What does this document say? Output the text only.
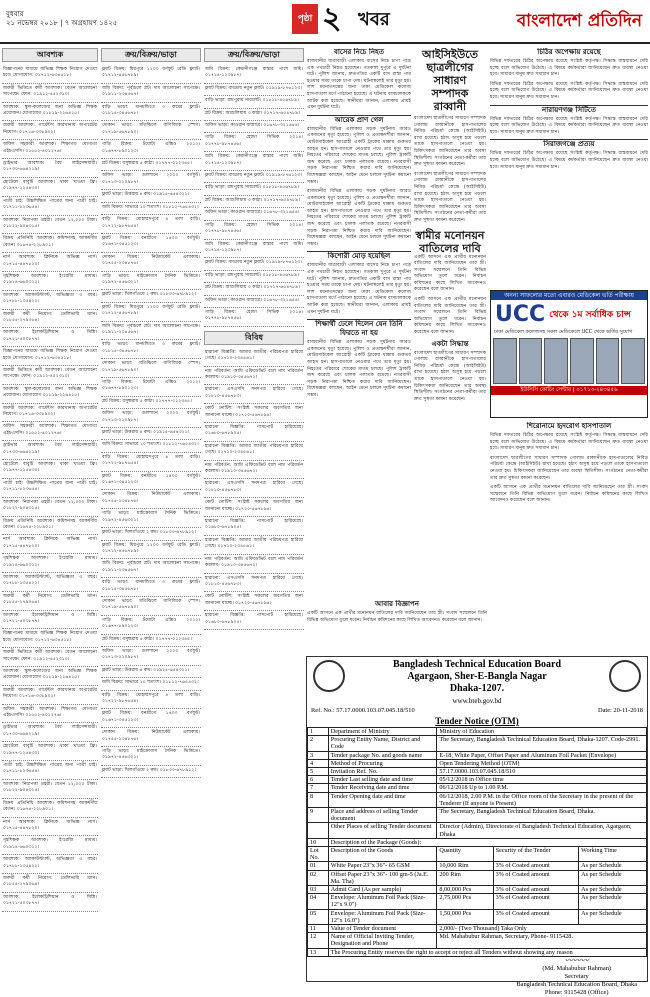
বুধবার
২১ নভেম্বর ২০১৮ | ৭ অগ্রহায়ণ ১৪২৫	পৃষ্ঠা ২ খবর	বাংলাদেশ প্রতিদিন
আবশ্যক
বিজ্ঞাপনের মাধ্যমে অভিজ্ঞ শিক্ষক নিয়োগ দেওয়া হবে। যোগাযোগ: ০১৭১২-৬৩৪৫১৮।
জরুরী ভিত্তিতে কর্মী আবশ্যক। বেতন আলোচনা সাপেক্ষে। ফোন: ০১৯১২-৪৫২৩১০।
আবশ্যক: স্কুল-কলেজের জন্য অভিজ্ঞ শিক্ষক প্রয়োজন। যোগাযোগ ০১৮১৯-২২৬৪১৫।
জরুরী আবশ্যক: গার্মেন্টস কারখানায় অপারেটর নিয়োগ। ০১৭১৬-৩৩৮৯০২।
অফিস সহকারী আবশ্যক। শিক্ষাগত যোগ্যতা এইচএসসি। ০১৫৫২-৪০১২৭৬।
ড্রাইভার আবশ্যক। বৈধ লাইসেন্সধারী। ০১৭৩০-৬৬৪২১৯।
হোটেলে বাবুর্চি আবশ্যক। থাকা খাওয়া ফ্রি। ০১৯৭৭-১২৫৪৩০।
পাত্রী চাই: উচ্চশিক্ষিত পাত্রের জন্য পাত্রী চাই। ০১৭১১-৮২৩৬৫৪।
আবশ্যক: নিরাপত্তা প্রহরী। বেতন ১২,০০০ টাকা। ০১৮২২-৯০৪৩১৫।
বিক্রয় প্রতিনিধি আবশ্যক। কমিশনসহ আকর্ষণীয় বেতন। ০১৬৭৪-২২৮৯০১।
নার্স আবশ্যক: ক্লিনিকে অভিজ্ঞ নার্স। ০১৭১৫-৪৪৭৮২০।
গৃহশিক্ষক আবশ্যক। ইংরেজি মাধ্যম। ০১৯১৪-৬৬০৩১২।
আবশ্যক: অ্যাকাউন্ট্যান্ট, অভিজ্ঞতা ৩ বছর। ০১৭৮৮-১৩৫৪২২।
জরুরী কর্মী নিয়োগ: ডেলিভারি ম্যান। ০১৮৫৫-২৭৯০৬৪।
আবশ্যক: ইলেকট্রিশিয়ান ও মিস্ত্রি। ০১৭২১-৫০৩৮৭৭।
বিজ্ঞাপনের মাধ্যমে অভিজ্ঞ শিক্ষক নিয়োগ দেওয়া হবে। যোগাযোগ: ০১৭১২-৬৩৪৫১৮।
জরুরী ভিত্তিতে কর্মী আবশ্যক। বেতন আলোচনা সাপেক্ষে। ফোন: ০১৯১২-৪৫২৩১০।
আবশ্যক: স্কুল-কলেজের জন্য অভিজ্ঞ শিক্ষক প্রয়োজন। যোগাযোগ ০১৮১৯-২২৬৪১৫।
জরুরী আবশ্যক: গার্মেন্টস কারখানায় অপারেটর নিয়োগ। ০১৭১৬-৩৩৮৯০২।
অফিস সহকারী আবশ্যক। শিক্ষাগত যোগ্যতা এইচএসসি। ০১৫৫২-৪০১২৭৬।
ড্রাইভার আবশ্যক। বৈধ লাইসেন্সধারী। ০১৭৩০-৬৬৪২১৯।
হোটেলে বাবুর্চি আবশ্যক। থাকা খাওয়া ফ্রি। ০১৯৭৭-১২৫৪৩০।
পাত্রী চাই: উচ্চশিক্ষিত পাত্রের জন্য পাত্রী চাই। ০১৭১১-৮২৩৬৫৪।
আবশ্যক: নিরাপত্তা প্রহরী। বেতন ১২,০০০ টাকা। ০১৮২২-৯০৪৩১৫।
বিক্রয় প্রতিনিধি আবশ্যক। কমিশনসহ আকর্ষণীয় বেতন। ০১৬৭৪-২২৮৯০১।
নার্স আবশ্যক: ক্লিনিকে অভিজ্ঞ নার্স। ০১৭১৫-৪৪৭৮২০।
গৃহশিক্ষক আবশ্যক। ইংরেজি মাধ্যম। ০১৯১৪-৬৬০৩১২।
আবশ্যক: অ্যাকাউন্ট্যান্ট, অভিজ্ঞতা ৩ বছর। ০১৭৮৮-১৩৫৪২২।
জরুরী কর্মী নিয়োগ: ডেলিভারি ম্যান। ০১৮৫৫-২৭৯০৬৪।
আবশ্যক: ইলেকট্রিশিয়ান ও মিস্ত্রি। ০১৭২১-৫০৩৮৭৭।
বিজ্ঞাপনের মাধ্যমে অভিজ্ঞ শিক্ষক নিয়োগ দেওয়া হবে। যোগাযোগ: ০১৭১২-৬৩৪৫১৮।
জরুরী ভিত্তিতে কর্মী আবশ্যক। বেতন আলোচনা সাপেক্ষে। ফোন: ০১৯১২-৪৫২৩১০।
আবশ্যক: স্কুল-কলেজের জন্য অভিজ্ঞ শিক্ষক প্রয়োজন। যোগাযোগ ০১৮১৯-২২৬৪১৫।
জরুরী আবশ্যক: গার্মেন্টস কারখানায় অপারেটর নিয়োগ। ০১৭১৬-৩৩৮৯০২।
অফিস সহকারী আবশ্যক। শিক্ষাগত যোগ্যতা এইচএসসি। ০১৫৫২-৪০১২৭৬।
ড্রাইভার আবশ্যক। বৈধ লাইসেন্সধারী। ০১৭৩০-৬৬৪২১৯।
হোটেলে বাবুর্চি আবশ্যক। থাকা খাওয়া ফ্রি। ০১৯৭৭-১২৫৪৩০।
পাত্রী চাই: উচ্চশিক্ষিত পাত্রের জন্য পাত্রী চাই। ০১৭১১-৮২৩৬৫৪।
আবশ্যক: নিরাপত্তা প্রহরী। বেতন ১২,০০০ টাকা। ০১৮২২-৯০৪৩১৫।
বিক্রয় প্রতিনিধি আবশ্যক। কমিশনসহ আকর্ষণীয় বেতন। ০১৬৭৪-২২৮৯০১।
নার্স আবশ্যক: ক্লিনিকে অভিজ্ঞ নার্স। ০১৭১৫-৪৪৭৮২০।
গৃহশিক্ষক আবশ্যক। ইংরেজি মাধ্যম। ০১৯১৪-৬৬০৩১২।
আবশ্যক: অ্যাকাউন্ট্যান্ট, অভিজ্ঞতা ৩ বছর। ০১৭৮৮-১৩৫৪২২।
জরুরী কর্মী নিয়োগ: ডেলিভারি ম্যান। ০১৮৫৫-২৭৯০৬৪।
আবশ্যক: ইলেকট্রিশিয়ান ও মিস্ত্রি। ০১৭২১-৫০৩৮৭৭।
ক্রয়/বিক্রয়/ভাড়া
ফ্ল্যাট বিক্রয়: মিরপুরে ১২০০ বর্গফুট রেডি ফ্ল্যাট। ০১৭১২-৪৫৬৭৮৯।
জমি বিক্রয়: পূর্বাচলে প্লট। দাম আলোচনা সাপেক্ষে। ০১৯১১-২৩৪৫৬৭।
বাড়ি ভাড়া: ধানমন্ডিতে ৩ রুমের ফ্ল্যাট। ০১৮১৫-৩৪৫৬৭৮।
দোকান ভাড়া: মতিঝিলে বাণিজ্যিক স্পেস। ০১৭১৯-৫৬৭৮৯০।
গাড়ি বিক্রয়: টয়োটা এক্সিও ২০১২। ০১৬৭৭-৮৯০১২৩।
প্লট বিক্রয়: বসুন্ধরায় ৫ কাঠা। ০১৭৭৭-০১২৩৪৫।
অফিস ভাড়া: গুলশানে ২০০০ বর্গফুট। ০১৭১৩-২১০৯৮৭।
ফ্ল্যাট ভাড়া: উত্তরায় ৪ রুম। ০১৯১৫-৬৫৪৩২১।
জমি বিক্রয়: সাভারে ১০ শতাংশ। ০১৮১২-৭৬৫৪৩২।
বাড়ি বিক্রয়: মোহাম্মদপুরে ৪ তলা বাড়ি। ০১৭২২-৯৮৭৬৫৪।
ফ্ল্যাট বিক্রয়: বনশ্রীতে ১৪০০ বর্গফুট। ০১৬৭১-৩৪৫১২৩।
দোকান বিক্রয়: নিউমার্কেট এলাকায়। ০১৭৫৫-২৩৪৮৭৬।
গাড়ি ভাড়া: মাইক্রোবাস দৈনিক ভিত্তিতে। ০১৯৭২-৪৫৬৩২১।
ফ্ল্যাট ভাড়া: খিলগাঁওয়ে ২ রুম। ০১৮৩৩-৬৭৮৯১২।
ফ্ল্যাট বিক্রয়: মিরপুরে ১২০০ বর্গফুট রেডি ফ্ল্যাট। ০১৭১২-৪৫৬৭৮৯।
জমি বিক্রয়: পূর্বাচলে প্লট। দাম আলোচনা সাপেক্ষে। ০১৯১১-২৩৪৫৬৭।
বাড়ি ভাড়া: ধানমন্ডিতে ৩ রুমের ফ্ল্যাট। ০১৮১৫-৩৪৫৬৭৮।
দোকান ভাড়া: মতিঝিলে বাণিজ্যিক স্পেস। ০১৭১৯-৫৬৭৮৯০।
গাড়ি বিক্রয়: টয়োটা এক্সিও ২০১২। ০১৬৭৭-৮৯০১২৩।
প্লট বিক্রয়: বসুন্ধরায় ৫ কাঠা। ০১৭৭৭-০১২৩৪৫।
অফিস ভাড়া: গুলশানে ২০০০ বর্গফুট। ০১৭১৩-২১০৯৮৭।
ফ্ল্যাট ভাড়া: উত্তরায় ৪ রুম। ০১৯১৫-৬৫৪৩২১।
জমি বিক্রয়: সাভারে ১০ শতাংশ। ০১৮১২-৭৬৫৪৩২।
বাড়ি বিক্রয়: মোহাম্মদপুরে ৪ তলা বাড়ি। ০১৭২২-৯৮৭৬৫৪।
ফ্ল্যাট বিক্রয়: বনশ্রীতে ১৪০০ বর্গফুট। ০১৬৭১-৩৪৫১২৩।
দোকান বিক্রয়: নিউমার্কেট এলাকায়। ০১৭৫৫-২৩৪৮৭৬।
গাড়ি ভাড়া: মাইক্রোবাস দৈনিক ভিত্তিতে। ০১৯৭২-৪৫৬৩২১।
ফ্ল্যাট ভাড়া: খিলগাঁওয়ে ২ রুম। ০১৮৩৩-৬৭৮৯১২।
ফ্ল্যাট বিক্রয়: মিরপুরে ১২০০ বর্গফুট রেডি ফ্ল্যাট। ০১৭১২-৪৫৬৭৮৯।
জমি বিক্রয়: পূর্বাচলে প্লট। দাম আলোচনা সাপেক্ষে। ০১৯১১-২৩৪৫৬৭।
বাড়ি ভাড়া: ধানমন্ডিতে ৩ রুমের ফ্ল্যাট। ০১৮১৫-৩৪৫৬৭৮।
দোকান ভাড়া: মতিঝিলে বাণিজ্যিক স্পেস। ০১৭১৯-৫৬৭৮৯০।
গাড়ি বিক্রয়: টয়োটা এক্সিও ২০১২। ০১৬৭৭-৮৯০১২৩।
প্লট বিক্রয়: বসুন্ধরায় ৫ কাঠা। ০১৭৭৭-০১২৩৪৫।
অফিস ভাড়া: গুলশানে ২০০০ বর্গফুট। ০১৭১৩-২১০৯৮৭।
ফ্ল্যাট ভাড়া: উত্তরায় ৪ রুম। ০১৯১৫-৬৫৪৩২১।
জমি বিক্রয়: সাভারে ১০ শতাংশ। ০১৮১২-৭৬৫৪৩২।
বাড়ি বিক্রয়: মোহাম্মদপুরে ৪ তলা বাড়ি। ০১৭২২-৯৮৭৬৫৪।
ফ্ল্যাট বিক্রয়: বনশ্রীতে ১৪০০ বর্গফুট। ০১৬৭১-৩৪৫১২৩।
দোকান বিক্রয়: নিউমার্কেট এলাকায়। ০১৭৫৫-২৩৪৮৭৬।
গাড়ি ভাড়া: মাইক্রোবাস দৈনিক ভিত্তিতে। ০১৯৭২-৪৫৬৩২১।
ফ্ল্যাট ভাড়া: খিলগাঁওয়ে ২ রুম। ০১৮৩৩-৬৭৮৯১২।
ক্রয়/বিক্রয়/ভাড়া
জমি বিক্রয়: কেরানীগঞ্জে রাস্তার পাশে জমি। ০১৭১৪-১২৩৯৮৭।
ফ্ল্যাট বিক্রয়: বাড্ডায় নতুন ফ্ল্যাট। ০১৯১৯-৮৭৬১২৩।
বাড়ি ভাড়া: রামপুরায় সাবলেট। ০১৮১৮-৪৫৬৭৮৯।
প্লট বিক্রয়: আশুলিয়ায় ৩ কাঠা। ০১৭১৭-৬৫৪৭৮৯।
অফিস ভাড়া: কাওরান বাজারে। ০১৬৭৮-৩২১৬৫৪।
গাড়ি বিক্রয়: হোন্ডা সিভিক ২০১৪। ০১৭৭৮-৯৮৭৪৫৬।
জমি বিক্রয়: কেরানীগঞ্জে রাস্তার পাশে জমি। ০১৭১৪-১২৩৯৮৭।
ফ্ল্যাট বিক্রয়: বাড্ডায় নতুন ফ্ল্যাট। ০১৯১৯-৮৭৬১২৩।
বাড়ি ভাড়া: রামপুরায় সাবলেট। ০১৮১৮-৪৫৬৭৮৯।
প্লট বিক্রয়: আশুলিয়ায় ৩ কাঠা। ০১৭১৭-৬৫৪৭৮৯।
অফিস ভাড়া: কাওরান বাজারে। ০১৬৭৮-৩২১৬৫৪।
গাড়ি বিক্রয়: হোন্ডা সিভিক ২০১৪। ০১৭৭৮-৯৮৭৪৫৬।
জমি বিক্রয়: কেরানীগঞ্জে রাস্তার পাশে জমি। ০১৭১৪-১২৩৯৮৭।
ফ্ল্যাট বিক্রয়: বাড্ডায় নতুন ফ্ল্যাট। ০১৯১৯-৮৭৬১২৩।
বাড়ি ভাড়া: রামপুরায় সাবলেট। ০১৮১৮-৪৫৬৭৮৯।
প্লট বিক্রয়: আশুলিয়ায় ৩ কাঠা। ০১৭১৭-৬৫৪৭৮৯।
অফিস ভাড়া: কাওরান বাজারে। ০১৬৭৮-৩২১৬৫৪।
গাড়ি বিক্রয়: হোন্ডা সিভিক ২০১৪। ০১৭৭৮-৯৮৭৪৫৬।
বিবিধ
হারানো বিজ্ঞপ্তি: আমার জাতীয় পরিচয়পত্র হারিয়ে গেছে। ০১৭১০-২৩৪৫৬১।
নাম পরিবর্তন: আমি এফিডেভিট বলে নাম পরিবর্তন করলাম। ০১৯১০-৩৪৫৬৭২।
হারানো: এসএসসি সনদপত্র হারিয়ে গেছে। ০১৮১০-৪৫৬৭৮৩।
কোর্ট নোটিশ: সংশ্লিষ্ট সকলের অবগতির জন্য জানানো যাচ্ছে। ০১৭২০-৫৬৭৮৯৪।
হারানো বিজ্ঞপ্তি: পাসপোর্ট হারিয়েছে। ০১৬৮০-৬৭৮৯০৫।
হারানো বিজ্ঞপ্তি: আমার জাতীয় পরিচয়পত্র হারিয়ে গেছে। ০১৭১০-২৩৪৫৬১।
নাম পরিবর্তন: আমি এফিডেভিট বলে নাম পরিবর্তন করলাম। ০১৯১০-৩৪৫৬৭২।
হারানো: এসএসসি সনদপত্র হারিয়ে গেছে। ০১৮১০-৪৫৬৭৮৩।
কোর্ট নোটিশ: সংশ্লিষ্ট সকলের অবগতির জন্য জানানো যাচ্ছে। ০১৭২০-৫৬৭৮৯৪।
হারানো বিজ্ঞপ্তি: পাসপোর্ট হারিয়েছে। ০১৬৮০-৬৭৮৯০৫।
হারানো বিজ্ঞপ্তি: আমার জাতীয় পরিচয়পত্র হারিয়ে গেছে। ০১৭১০-২৩৪৫৬১।
নাম পরিবর্তন: আমি এফিডেভিট বলে নাম পরিবর্তন করলাম। ০১৯১০-৩৪৫৬৭২।
হারানো: এসএসসি সনদপত্র হারিয়ে গেছে। ০১৮১০-৪৫৬৭৮৩।
কোর্ট নোটিশ: সংশ্লিষ্ট সকলের অবগতির জন্য জানানো যাচ্ছে। ০১৭২০-৫৬৭৮৯৪।
হারানো বিজ্ঞপ্তি: পাসপোর্ট হারিয়েছে। ০১৬৮০-৬৭৮৯০৫।
বাসের নিচে নিহত

রাজধানীর যাত্রাবাড়ী এলাকায় বাসের নিচে চাপা পড়ে এক পথচারী নিহত হয়েছেন। গতকাল দুপুরে এ দুর্ঘটনা ঘটে। পুলিশ জানায়, দ্রুতগতির একটি বাস রাস্তা পার হওয়ার সময় তাকে চাপা দেয়। ঘটনাস্থলেই তার মৃত্যু হয়। লাশ ময়নাতদন্তের জন্য ঢাকা মেডিকেল কলেজ হাসপাতাল মর্গে পাঠানো হয়েছে। এ ঘটনায় বাসচালককে আটক করা হয়েছে। স্থানীয়রা জানান, এলাকায় প্রায়ই এমন দুর্ঘটনা ঘটে।

আরেক প্রাণ গেল

রাজধানীর বিভিন্ন এলাকায় সড়ক দুর্ঘটনায় আরও একজনের মৃত্যু হয়েছে। পুলিশ ও প্রত্যক্ষদর্শীরা জানান, মোটরসাইকেল আরোহী একটি ট্রাকের ধাক্কায় গুরুতর আহত হন। হাসপাতালে নেওয়ার পথে তার মৃত্যু হয়। নিহতের পরিবারে শোকের মাতম চলছে। পুলিশ ট্রাকটি জব্দ করেছে এবং চালক পলাতক রয়েছে। নগরবাসী সড়ক নিরাপত্তা নিশ্চিত করার দাবি জানিয়েছেন। বিশেষজ্ঞরা বলছেন, আইন মেনে চললে দুর্ঘটনা কমানো সম্ভব।

রাজধানীর বিভিন্ন এলাকায় সড়ক দুর্ঘটনায় আরও একজনের মৃত্যু হয়েছে। পুলিশ ও প্রত্যক্ষদর্শীরা জানান, মোটরসাইকেল আরোহী একটি ট্রাকের ধাক্কায় গুরুতর আহত হন। হাসপাতালে নেওয়ার পথে তার মৃত্যু হয়। নিহতের পরিবারে শোকের মাতম চলছে। পুলিশ ট্রাকটি জব্দ করেছে এবং চালক পলাতক রয়েছে। নগরবাসী সড়ক নিরাপত্তা নিশ্চিত করার দাবি জানিয়েছেন। বিশেষজ্ঞরা বলছেন, আইন মেনে চললে দুর্ঘটনা কমানো সম্ভব।

কিশোরী মোড় হয়েছিল

রাজধানীর যাত্রাবাড়ী এলাকায় বাসের নিচে চাপা পড়ে এক পথচারী নিহত হয়েছেন। গতকাল দুপুরে এ দুর্ঘটনা ঘটে। পুলিশ জানায়, দ্রুতগতির একটি বাস রাস্তা পার হওয়ার সময় তাকে চাপা দেয়। ঘটনাস্থলেই তার মৃত্যু হয়। লাশ ময়নাতদন্তের জন্য ঢাকা মেডিকেল কলেজ হাসপাতাল মর্গে পাঠানো হয়েছে। এ ঘটনায় বাসচালককে আটক করা হয়েছে। স্থানীয়রা জানান, এলাকায় প্রায়ই এমন দুর্ঘটনা ঘটে।

শিক্ষার্থী ঢেলে দিলেন যেন তিনি ফিরতে না হয়

রাজধানীর বিভিন্ন এলাকায় সড়ক দুর্ঘটনায় আরও একজনের মৃত্যু হয়েছে। পুলিশ ও প্রত্যক্ষদর্শীরা জানান, মোটরসাইকেল আরোহী একটি ট্রাকের ধাক্কায় গুরুতর আহত হন। হাসপাতালে নেওয়ার পথে তার মৃত্যু হয়। নিহতের পরিবারে শোকের মাতম চলছে। পুলিশ ট্রাকটি জব্দ করেছে এবং চালক পলাতক রয়েছে। নগরবাসী সড়ক নিরাপত্তা নিশ্চিত করার দাবি জানিয়েছেন। বিশেষজ্ঞরা বলছেন, আইন মেনে চললে দুর্ঘটনা কমানো সম্ভব।

আইসিইউতে ছাত্রলীগের সাধারণ সম্পাদক রাব্বানী

বাংলাদেশ ছাত্রলীগের সাধারণ সম্পাদক গোলাম রাব্বানীকে হাসপাতালের নিবিড় পরিচর্যা কেন্দ্রে (আইসিইউ) রাখা হয়েছে। হঠাৎ অসুস্থ হয়ে পড়লে তাকে হাসপাতালে নেওয়া হয়। চিকিৎসকরা জানিয়েছেন তার অবস্থা স্থিতিশীল। সংগঠনের নেতা-কর্মীরা তার দ্রুত সুস্থতা কামনা করেছেন।

বাংলাদেশ ছাত্রলীগের সাধারণ সম্পাদক গোলাম রাব্বানীকে হাসপাতালের নিবিড় পরিচর্যা কেন্দ্রে (আইসিইউ) রাখা হয়েছে। হঠাৎ অসুস্থ হয়ে পড়লে তাকে হাসপাতালে নেওয়া হয়। চিকিৎসকরা জানিয়েছেন তার অবস্থা স্থিতিশীল। সংগঠনের নেতা-কর্মীরা তার দ্রুত সুস্থতা কামনা করেছেন।

স্বামীর মনোনয়ন বাতিলের দাবি

একটি আসনে এক প্রার্থীর মনোনয়ন বাতিলের দাবি জানিয়েছেন তার স্ত্রী। সংবাদ সম্মেলনে তিনি বিভিন্ন অভিযোগ তুলে ধরেন। নির্বাচন কমিশনের কাছে লিখিত আবেদনও করেছেন বলে জানান।

একটি আসনে এক প্রার্থীর মনোনয়ন বাতিলের দাবি জানিয়েছেন তার স্ত্রী। সংবাদ সম্মেলনে তিনি বিভিন্ন অভিযোগ তুলে ধরেন। নির্বাচন কমিশনের কাছে লিখিত আবেদনও করেছেন বলে জানান।

একটা সিদ্ধান্ত

বাংলাদেশ ছাত্রলীগের সাধারণ সম্পাদক গোলাম রাব্বানীকে হাসপাতালের নিবিড় পরিচর্যা কেন্দ্রে (আইসিইউ) রাখা হয়েছে। হঠাৎ অসুস্থ হয়ে পড়লে তাকে হাসপাতালে নেওয়া হয়। চিকিৎসকরা জানিয়েছেন তার অবস্থা স্থিতিশীল। সংগঠনের নেতা-কর্মীরা তার দ্রুত সুস্থতা কামনা করেছেন।

চিঠির অপেক্ষায় রয়েছে

বিভিন্ন দফতরের চিঠির অপেক্ষায় রয়েছে সংশ্লিষ্ট কর্তৃপক্ষ। সিদ্ধান্ত বাস্তবায়নে দেরি হচ্ছে বলে অভিযোগ উঠেছে। এ বিষয়ে কর্মকর্তারা জানিয়েছেন দ্রুত ব্যবস্থা নেওয়া হবে। সাধারণ মানুষ দ্রুত সমাধান চান।

বিভিন্ন দফতরের চিঠির অপেক্ষায় রয়েছে সংশ্লিষ্ট কর্তৃপক্ষ। সিদ্ধান্ত বাস্তবায়নে দেরি হচ্ছে বলে অভিযোগ উঠেছে। এ বিষয়ে কর্মকর্তারা জানিয়েছেন দ্রুত ব্যবস্থা নেওয়া হবে। সাধারণ মানুষ দ্রুত সমাধান চান।

নারায়ণগঞ্জ সিটিতে

বিভিন্ন দফতরের চিঠির অপেক্ষায় রয়েছে সংশ্লিষ্ট কর্তৃপক্ষ। সিদ্ধান্ত বাস্তবায়নে দেরি হচ্ছে বলে অভিযোগ উঠেছে। এ বিষয়ে কর্মকর্তারা জানিয়েছেন দ্রুত ব্যবস্থা নেওয়া হবে। সাধারণ মানুষ দ্রুত সমাধান চান।

সিরাজগঞ্জে প্রত্যয়

বিভিন্ন দফতরের চিঠির অপেক্ষায় রয়েছে সংশ্লিষ্ট কর্তৃপক্ষ। সিদ্ধান্ত বাস্তবায়নে দেরি হচ্ছে বলে অভিযোগ উঠেছে। এ বিষয়ে কর্মকর্তারা জানিয়েছেন দ্রুত ব্যবস্থা নেওয়া হবে। সাধারণ মানুষ দ্রুত সমাধান চান।

অনন্য সাফল্যের মতো এবারও মেডিকেল ভর্তি পরীক্ষায়
UCC থেকে ১ম সর্বাধিক চান্স
ঢাকা মেডিকেল কলেজসহ সকল মেডিকেলে UCC থেকে ভর্তির সুযোগ
ইউসিসি কোচিং সেন্টার | ০১৭১৩-২৪৩৪৫৬
শিরোনামে হৃদরোগ হাসপাতাল

বিভিন্ন দফতরের চিঠির অপেক্ষায় রয়েছে সংশ্লিষ্ট কর্তৃপক্ষ। সিদ্ধান্ত বাস্তবায়নে দেরি হচ্ছে বলে অভিযোগ উঠেছে। এ বিষয়ে কর্মকর্তারা জানিয়েছেন দ্রুত ব্যবস্থা নেওয়া হবে। সাধারণ মানুষ দ্রুত সমাধান চান।

বাংলাদেশ ছাত্রলীগের সাধারণ সম্পাদক গোলাম রাব্বানীকে হাসপাতালের নিবিড় পরিচর্যা কেন্দ্রে (আইসিইউ) রাখা হয়েছে। হঠাৎ অসুস্থ হয়ে পড়লে তাকে হাসপাতালে নেওয়া হয়। চিকিৎসকরা জানিয়েছেন তার অবস্থা স্থিতিশীল। সংগঠনের নেতা-কর্মীরা তার দ্রুত সুস্থতা কামনা করেছেন।

একটি আসনে এক প্রার্থীর মনোনয়ন বাতিলের দাবি জানিয়েছেন তার স্ত্রী। সংবাদ সম্মেলনে তিনি বিভিন্ন অভিযোগ তুলে ধরেন। নির্বাচন কমিশনের কাছে লিখিত আবেদনও করেছেন বলে জানান।

Bangladesh Technical Education Board
Agargaon, Sher-E-Bangla Nagar
Dhaka-1207.
www.bteb.gov.bd
Ref. No.: 57.17.0000.103.07.045.18/510	Date: 20-11-2018
Tender Notice (OTM)
1	Department of Ministry	Ministry of Education		
2	Procuring Entity Name, District and Code	The Secretary, Bangladesh Technical Education Board, Dhaka-1207. Code-2991.		
3	Tender package No. and goods name	E-18, White Paper, Offset Paper and Aluminum Foil Packet (Envelope)		
4	Method of Procuring	Open Tendering Method (OTM)		
5	Invitation Ref. No.	57.17.0000.103.07.045.18/510		
6	Tender Last selling date and time	05/12/2018 in Office time		
7	Tender Receiving date and time	06/12/2018 Up to 1.00 P.M.		
8	Tender Opening date and time	06/12/2018, 2.00 P.M. in the Office room of the Secretary in the present of the Tenderer (If anyone is Present)		
9	Place and address of selling Tender document	The Secretary, Bangladesh Technical Education Board, Dhaka.		
	Other Places of selling Tender document	Director (Admin), Directorate of Bangladesh Technical Education, Agargaon, Dhaka		
10	Description of the Package (Goods):			
Lot No.	Description of the Goods	Quantity	Security of the Tender	Working Time
01	White Paper 23"x 36"- 65 GSM	10,000 Rim	3% of Coated amount	As per Schedule
02	Offset Paper 23"x 36"- 100 gm-5 (Ja.E. Ma. Tha)	200 Rim	3% of Coated amount	As per Schedule
03	Admit Card (As per sample)	8,00,000 Pcs	3% of Coated amount	As per Schedule
04	Envelope: Aluminum Foil Pack (Size- 12"x 9.0")	2,75,000 Pcs	3% of Coated amount	As per Schedule
05	Envelope: Aluminum Foil Pack (Size- 12"x 16.0")	1,50,000 Pcs	3% of Coated amount	As per Schedule
11	Value of Tender document	2,000/- (Two Thousand) Taka Only		
12	Name of Official Inviting Tender, Designation and Phone	Md. Mahabubur Rahman, Secretary, Phone- 9115428.		
13	The Procuring Entity reserves the right to accept or reject all Tenders without showing any reason			
〰〰〰
(Md. Mahabubur Rahman)
Secretary
Bangladesh Technical Education Board, Dhaka
Phone: 9115428 (Office)
আবার বিজ্ঞাপন

একটি আসনে এক প্রার্থীর মনোনয়ন বাতিলের দাবি জানিয়েছেন তার স্ত্রী। সংবাদ সম্মেলনে তিনি বিভিন্ন অভিযোগ তুলে ধরেন। নির্বাচন কমিশনের কাছে লিখিত আবেদনও করেছেন বলে জানান।
